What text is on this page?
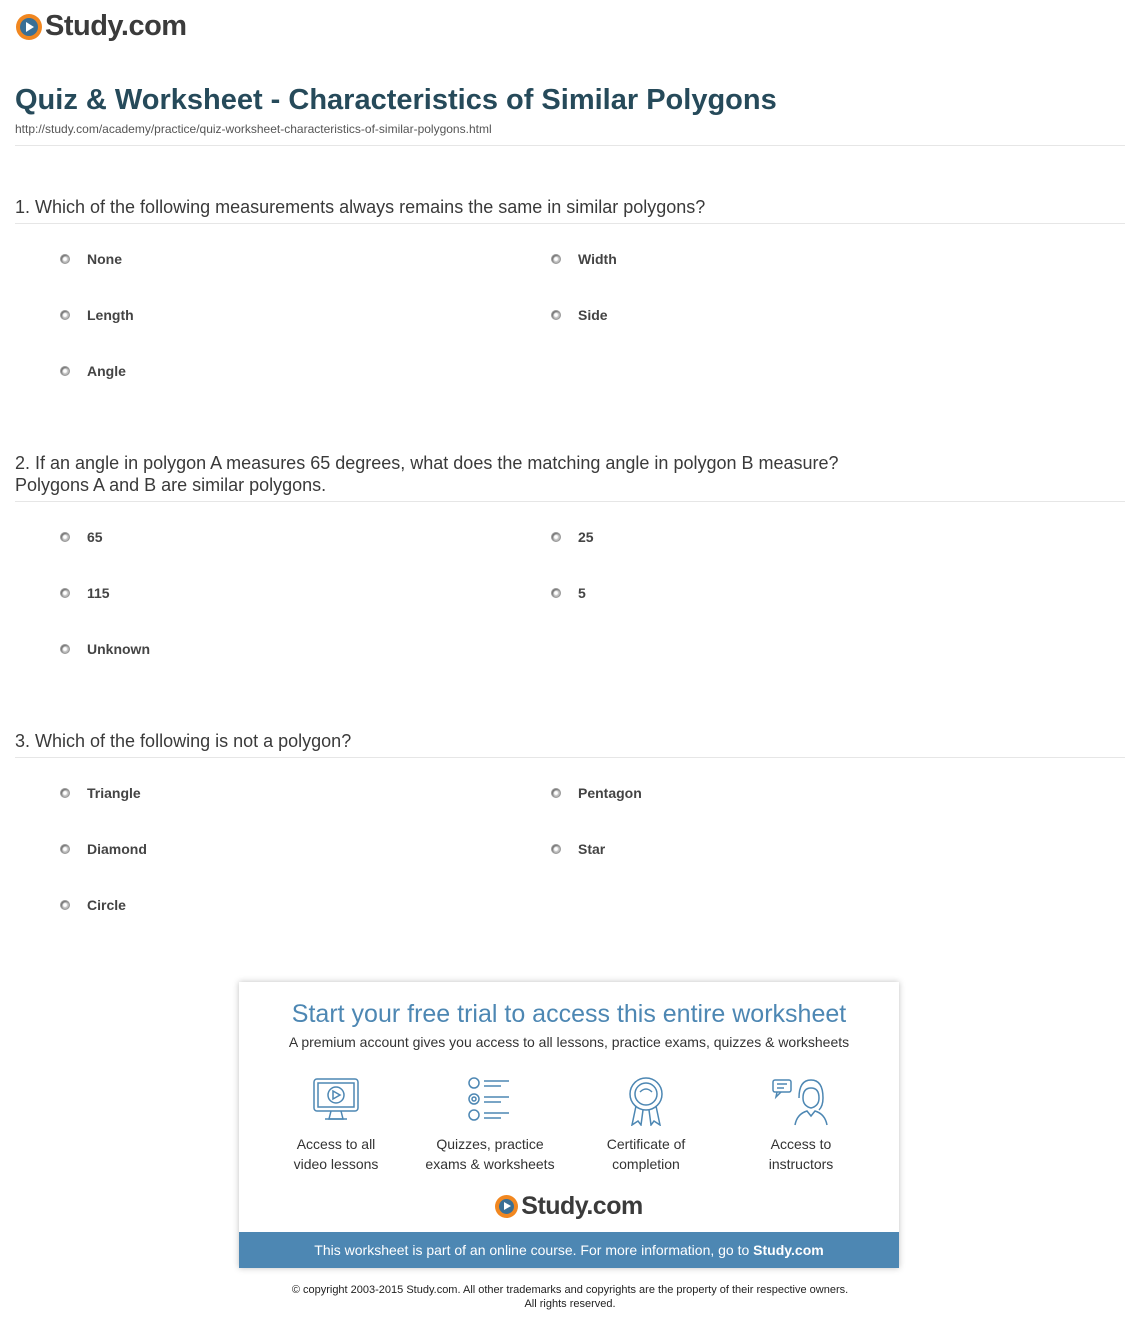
Study.com
Quiz & Worksheet - Characteristics of Similar Polygons
http://study.com/academy/practice/quiz-worksheet-characteristics-of-similar-polygons.html
1. Which of the following measurements always remains the same in similar polygons?
None	Width
Length	Side
Angle
2. If an angle in polygon A measures 65 degrees, what does the matching angle in polygon B measure? Polygons A and B are similar polygons.
65	25
115	5
Unknown
3. Which of the following is not a polygon?
Triangle	Pentagon
Diamond	Star
Circle
Start your free trial to access this entire worksheet
A premium account gives you access to all lessons, practice exams, quizzes & worksheets
Access to all
video lessons
Quizzes, practice
exams & worksheets
Certificate of
completion
Access to
instructors
Study.com
This worksheet is part of an online course. For more information, go to Study.com
© copyright 2003-2015 Study.com. All other trademarks and copyrights are the property of their respective owners.
All rights reserved.
